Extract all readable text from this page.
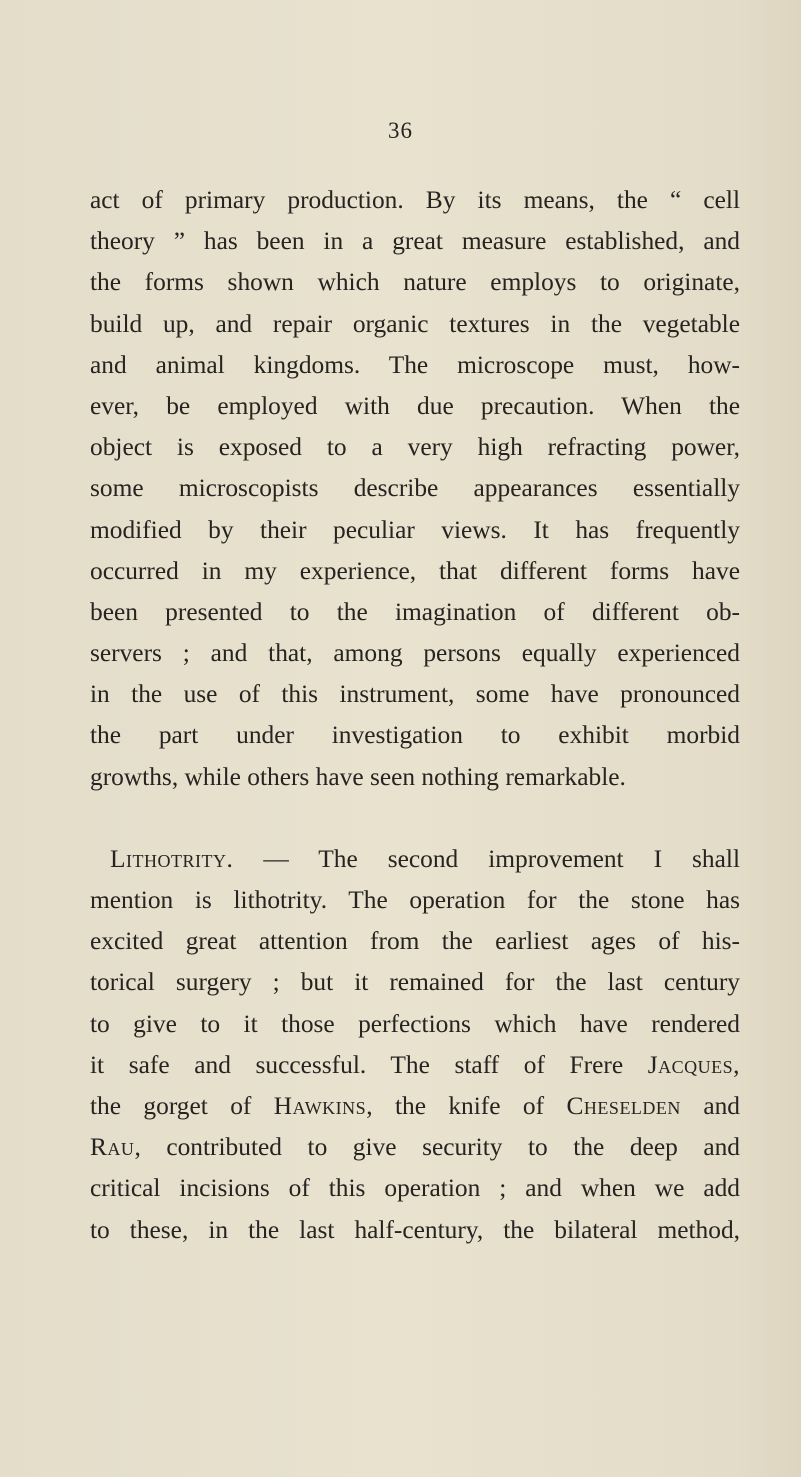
36
act of primary production. By its means, the “ cell
theory ” has been in a great measure established, and
the forms shown which nature employs to originate,
build up, and repair organic textures in the vegetable
and animal kingdoms. The microscope must, how-
ever, be employed with due precaution. When the
object is exposed to a very high refracting power,
some microscopists describe appearances essentially
modified by their peculiar views. It has frequently
occurred in my experience, that different forms have
been presented to the imagination of different ob-
servers ; and that, among persons equally experienced
in the use of this instrument, some have pronounced
the part under investigation to exhibit morbid
growths, while others have seen nothing remarkable.
Lithotrity. — The second improvement I shall
mention is lithotrity. The operation for the stone has
excited great attention from the earliest ages of his-
torical surgery ; but it remained for the last century
to give to it those perfections which have rendered
it safe and successful. The staff of Frere Jacques,
the gorget of Hawkins, the knife of Cheselden and
Rau, contributed to give security to the deep and
critical incisions of this operation ; and when we add
to these, in the last half-century, the bilateral method,
